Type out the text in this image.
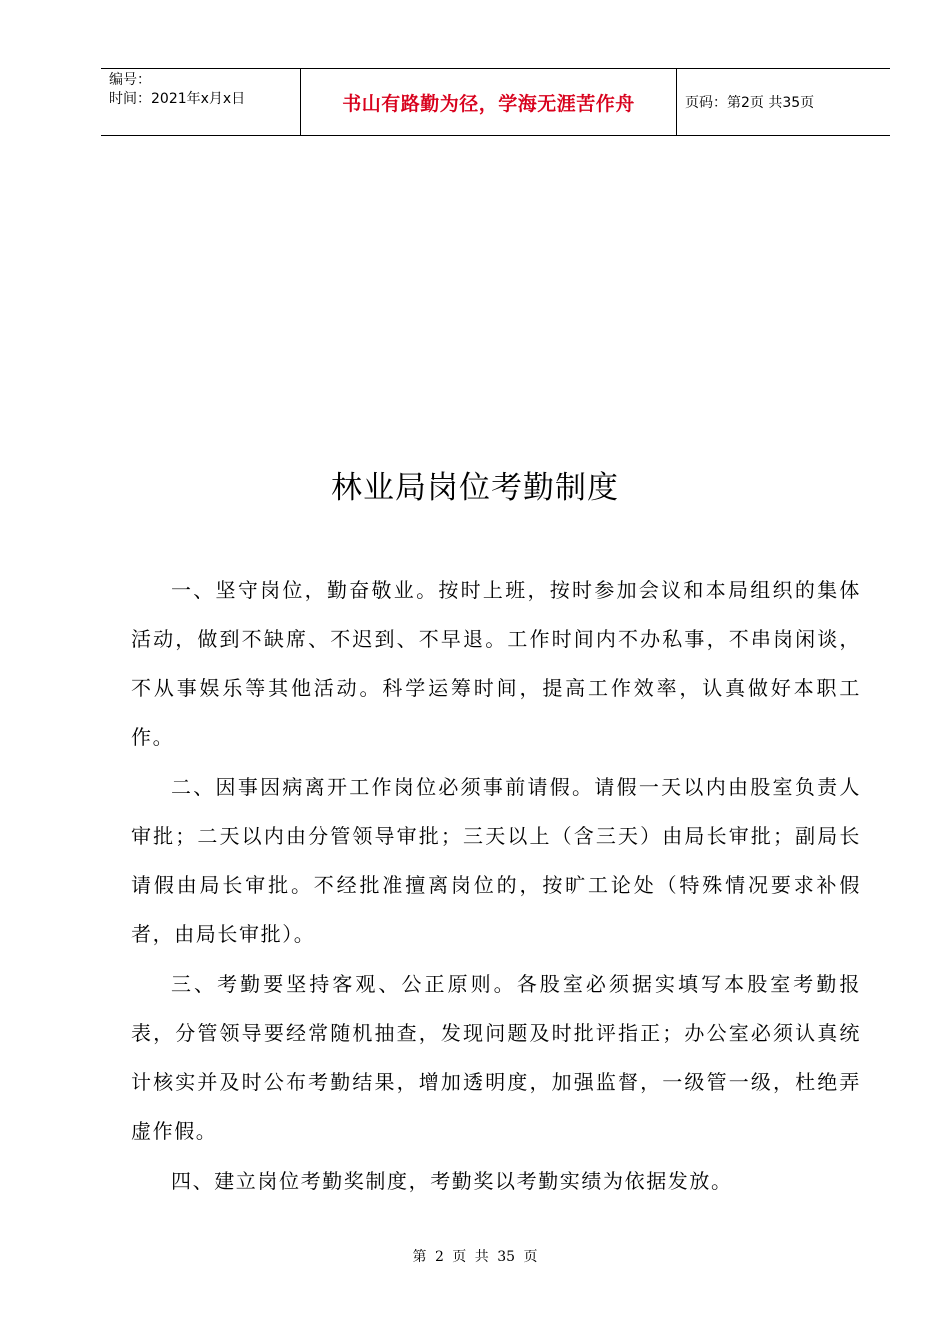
编号：
时间：2021年x月x日	书山有路勤为径，学海无涯苦作舟	页码：第2页 共35页
林业局岗位考勤制度

一、坚守岗位，勤奋敬业。按时上班，按时参加会议和本局组织的集体活动，做到不缺席、不迟到、不早退。工作时间内不办私事，不串岗闲谈，不从事娱乐等其他活动。科学运筹时间，提高工作效率，认真做好本职工作。

二、因事因病离开工作岗位必须事前请假。请假一天以内由股室负责人审批；二天以内由分管领导审批；三天以上（含三天）由局长审批；副局长请假由局长审批。不经批准擅离岗位的，按旷工论处（特殊情况要求补假者，由局长审批）。

三、考勤要坚持客观、公正原则。各股室必须据实填写本股室考勤报表，分管领导要经常随机抽查，发现问题及时批评指正；办公室必须认真统计核实并及时公布考勤结果，增加透明度，加强监督，一级管一级，杜绝弄虚作假。

四、建立岗位考勤奖制度，考勤奖以考勤实绩为依据发放。

第 2 页 共 35 页
